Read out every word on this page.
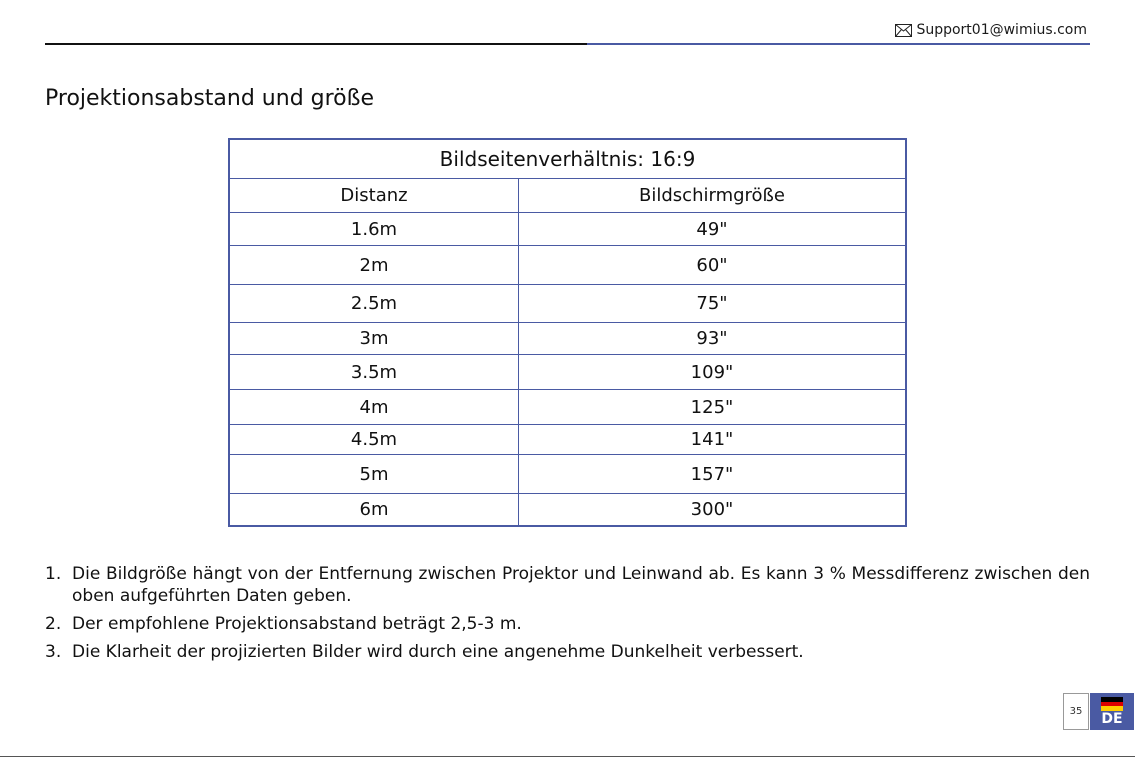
Support01@wimius.com
Projektionsabstand und größe
Bildseitenverhältnis: 16:9	
Distanz	Bildschirmgröße
1.6m	49"
2m	60"
2.5m	75"
3m	93"
3.5m	109"
4m	125"
4.5m	141"
5m	157"
6m	300"
1. Die Bildgröße hängt von der Entfernung zwischen Projektor und Leinwand ab. Es kann 3 % Messdifferenz zwischen den oben aufgeführten Daten geben.
2. Der empfohlene Projektionsabstand beträgt 2,5-3 m.
3. Die Klarheit der projizierten Bilder wird durch eine angenehme Dunkelheit verbessert.
35	DE
